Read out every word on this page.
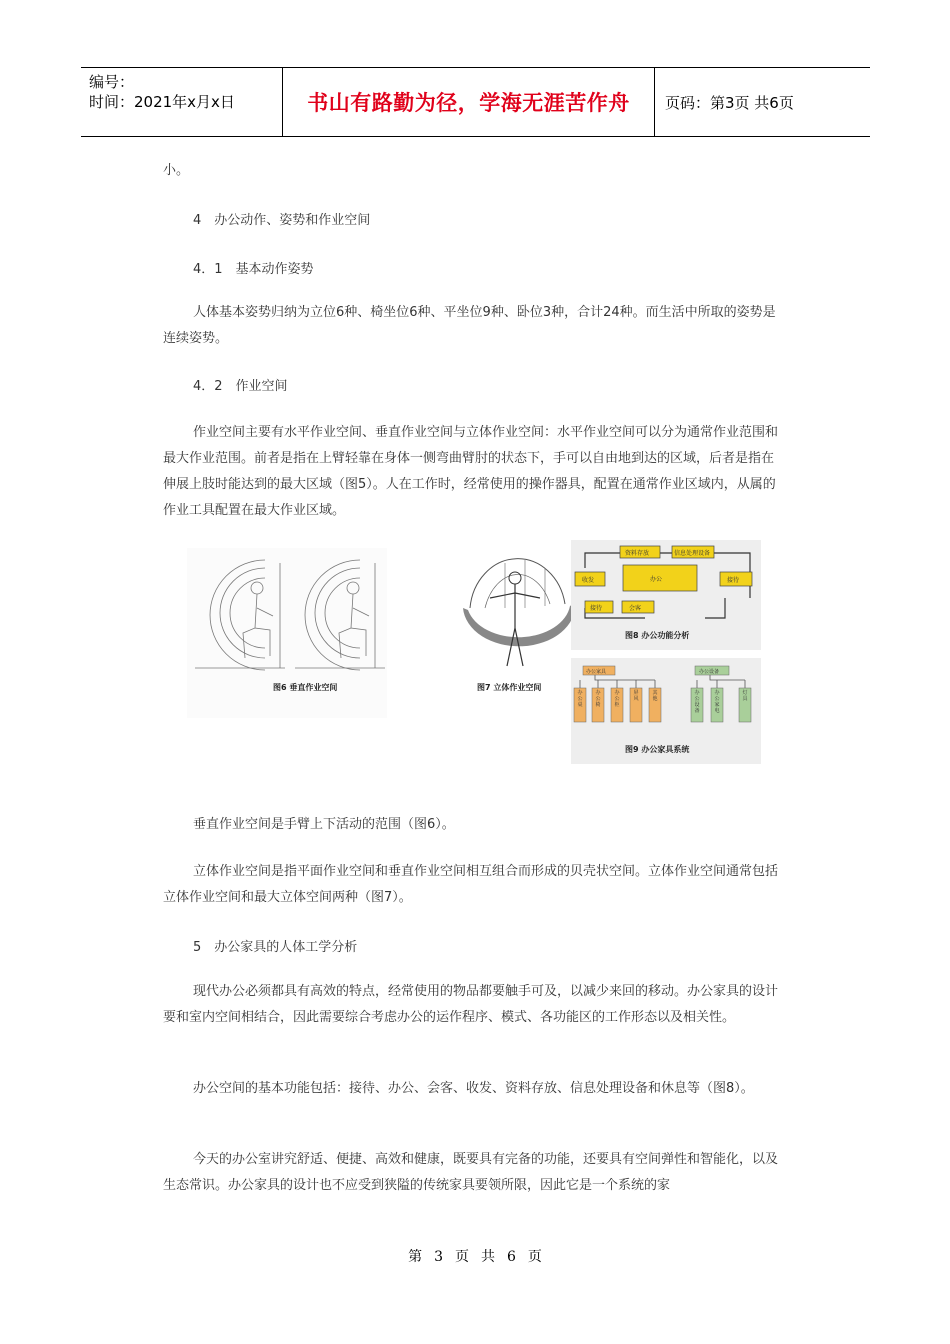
编号：
时间：2021年x月x日	书山有路勤为径，学海无涯苦作舟	页码：第3页 共6页
小。
4　办公动作、姿势和作业空间
4．1　基本动作姿势
人体基本姿势归纳为立位6种、椅坐位6种、平坐位9种、卧位3种，合计24种。而生活中所取的姿势是连续姿势。
4．2　作业空间
作业空间主要有水平作业空间、垂直作业空间与立体作业空间：水平作业空间可以分为通常作业范围和最大作业范围。前者是指在上臂轻靠在身体一侧弯曲臂肘的状态下，手可以自由地到达的区域，后者是指在伸展上肢时能达到的最大区域（图5）。人在工作时，经常使用的操作器具，配置在通常作业区域内，从属的作业工具配置在最大作业区域。
图6 垂直作业空间	图7 立体作业空间
资料存放	信息处理设备
收发	办公	接待
接待	会客
图8 办公功能分析
办公家具	办公设备
办公桌
办公椅
办公柜
屏风
其他
办公设备
办公家电
灯具
图9 办公家具系统
垂直作业空间是手臂上下活动的范围（图6）。
立体作业空间是指平面作业空间和垂直作业空间相互组合而形成的贝壳状空间。立体作业空间通常包括立体作业空间和最大立体空间两种（图7）。
5　办公家具的人体工学分析
现代办公必须都具有高效的特点，经常使用的物品都要触手可及，以减少来回的移动。办公家具的设计要和室内空间相结合，因此需要综合考虑办公的运作程序、模式、各功能区的工作形态以及相关性。
办公空间的基本功能包括：接待、办公、会客、收发、资料存放、信息处理设备和休息等（图8）。
今天的办公室讲究舒适、便捷、高效和健康，既要具有完备的功能，还要具有空间弹性和智能化，以及生态常识。办公家具的设计也不应受到狭隘的传统家具要领所限，因此它是一个系统的家
第 3 页 共 6 页
